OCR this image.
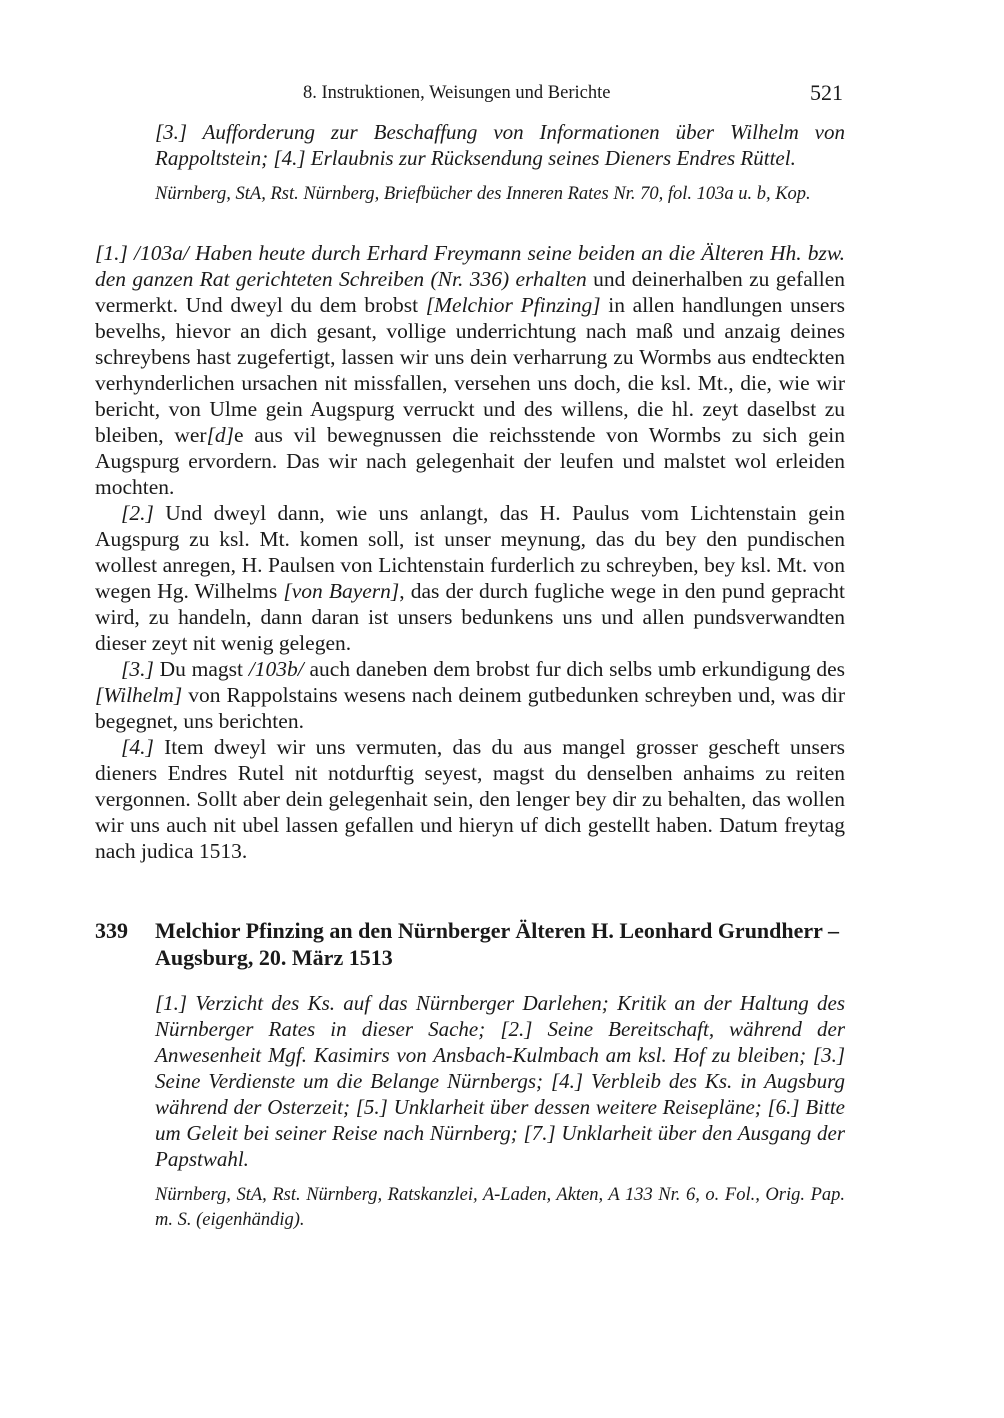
8. Instruktionen, Weisungen und Berichte	521

[3.] Aufforderung zur Beschaffung von Informationen über Wilhelm von Rappoltstein; [4.] Erlaubnis zur Rücksendung seines Dieners Endres Rüttel.

Nürnberg, StA, Rst. Nürnberg, Briefbücher des Inneren Rates Nr. 70, fol. 103a u. b, Kop.

[1.] /103a/ Haben heute durch Erhard Freymann seine beiden an die Älteren Hh. bzw. den ganzen Rat gerichteten Schreiben (Nr. 336) erhalten und deinerhalben zu gefallen vermerkt. Und dweyl du dem brobst [Melchior Pfinzing] in allen handlungen unsers bevelhs, hievor an dich gesant, vollige underrichtung nach maß und anzaig deines schreybens hast zugefertigt, lassen wir uns dein verharrung zu Wormbs aus endteckten verhynderlichen ursachen nit missfallen, versehen uns doch, die ksl. Mt., die, wie wir bericht, von Ulme gein Augspurg verruckt und des willens, die hl. zeyt daselbst zu bleiben, wer[d]e aus vil bewegnussen die reichsstende von Wormbs zu sich gein Augspurg ervordern. Das wir nach gelegenhait der leufen und malstet wol erleiden mochten.

[2.] Und dweyl dann, wie uns anlangt, das H. Paulus vom Lichtenstain gein Augspurg zu ksl. Mt. komen soll, ist unser meynung, das du bey den pundischen wollest anregen, H. Paulsen von Lichtenstain furderlich zu schreyben, bey ksl. Mt. von wegen Hg. Wilhelms [von Bayern], das der durch fugliche wege in den pund gepracht wird, zu handeln, dann daran ist unsers bedunkens uns und allen pundsverwandten dieser zeyt nit wenig gelegen.

[3.] Du magst /103b/ auch daneben dem brobst fur dich selbs umb erkundigung des [Wilhelm] von Rappolstains wesens nach deinem gutbedunken schreyben und, was dir begegnet, uns berichten.

[4.] Item dweyl wir uns vermuten, das du aus mangel grosser gescheft unsers dieners Endres Rutel nit notdurftig seyest, magst du denselben anhaims zu reiten vergonnen. Sollt aber dein gelegenhait sein, den lenger bey dir zu behalten, das wollen wir uns auch nit ubel lassen gefallen und hieryn uf dich gestellt haben. Datum freytag nach judica 1513.

339	Melchior Pfinzing an den Nürnberger Älteren H. Leonhard Grundherr – Augsburg, 20. März 1513

[1.] Verzicht des Ks. auf das Nürnberger Darlehen; Kritik an der Haltung des Nürnberger Rates in dieser Sache; [2.] Seine Bereitschaft, während der Anwesenheit Mgf. Kasimirs von Ansbach-Kulmbach am ksl. Hof zu bleiben; [3.] Seine Verdienste um die Belange Nürnbergs; [4.] Verbleib des Ks. in Augsburg während der Osterzeit; [5.] Unklarheit über dessen weitere Reisepläne; [6.] Bitte um Geleit bei seiner Reise nach Nürnberg; [7.] Unklarheit über den Ausgang der Papstwahl.

Nürnberg, StA, Rst. Nürnberg, Ratskanzlei, A-Laden, Akten, A 133 Nr. 6, o. Fol., Orig. Pap. m. S. (eigenhändig).
